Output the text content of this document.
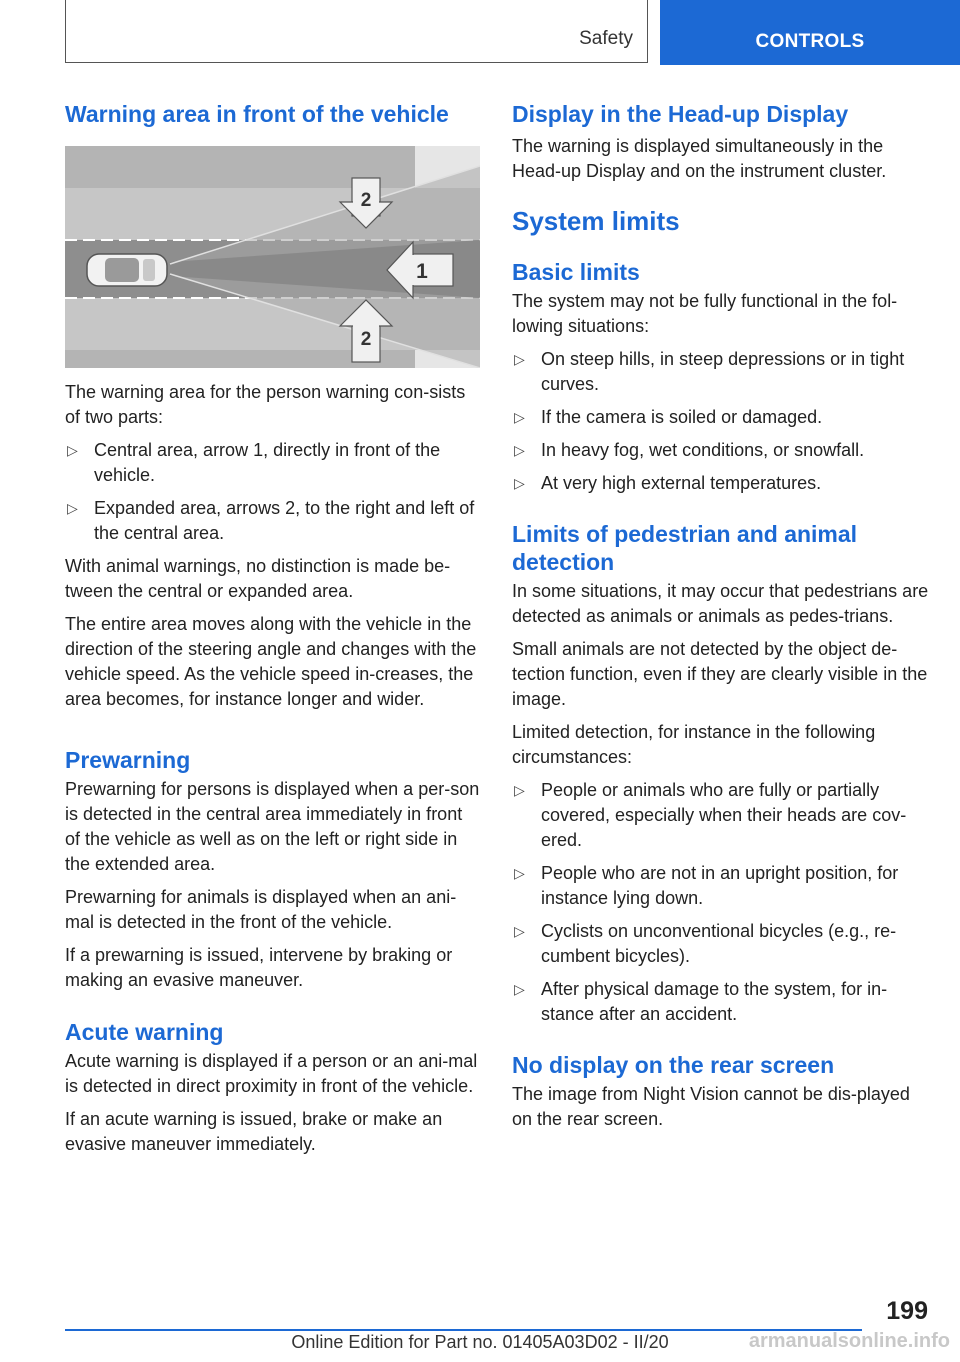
Safety	CONTROLS
Warning area in front of the vehicle
2
1
2

The warning area for the person warning con-sists of two parts:

▷ Central area, arrow 1, directly in front of the vehicle.
▷ Expanded area, arrows 2, to the right and left of the central area.

With animal warnings, no distinction is made be-tween the central or expanded area.

The entire area moves along with the vehicle in the direction of the steering angle and changes with the vehicle speed. As the vehicle speed in-creases, the area becomes, for instance longer and wider.

Prewarning

Prewarning for persons is displayed when a per-son is detected in the central area immediately in front of the vehicle as well as on the left or right side in the extended area.

Prewarning for animals is displayed when an ani-mal is detected in the front of the vehicle.

If a prewarning is issued, intervene by braking or making an evasive maneuver.

Acute warning

Acute warning is displayed if a person or an ani-mal is detected in direct proximity in front of the vehicle.

If an acute warning is issued, brake or make an evasive maneuver immediately.

Display in the Head-up Display

The warning is displayed simultaneously in the Head-up Display and on the instrument cluster.

System limits
Basic limits

The system may not be fully functional in the fol-lowing situations:

▷ On steep hills, in steep depressions or in tight curves.
▷ If the camera is soiled or damaged.
▷ In heavy fog, wet conditions, or snowfall.
▷ At very high external temperatures.
Limits of pedestrian and animal detection

In some situations, it may occur that pedestrians are detected as animals or animals as pedes-trians.

Small animals are not detected by the object de-tection function, even if they are clearly visible in the image.

Limited detection, for instance in the following circumstances:

▷ People or animals who are fully or partially covered, especially when their heads are cov-ered.
▷ People who are not in an upright position, for instance lying down.
▷ Cyclists on unconventional bicycles (e.g., re-cumbent bicycles).
▷ After physical damage to the system, for in-stance after an accident.
No display on the rear screen

The image from Night Vision cannot be dis-played on the rear screen.

199
Online Edition for Part no. 01405A03D02 - II/20	armanualsonline.info
